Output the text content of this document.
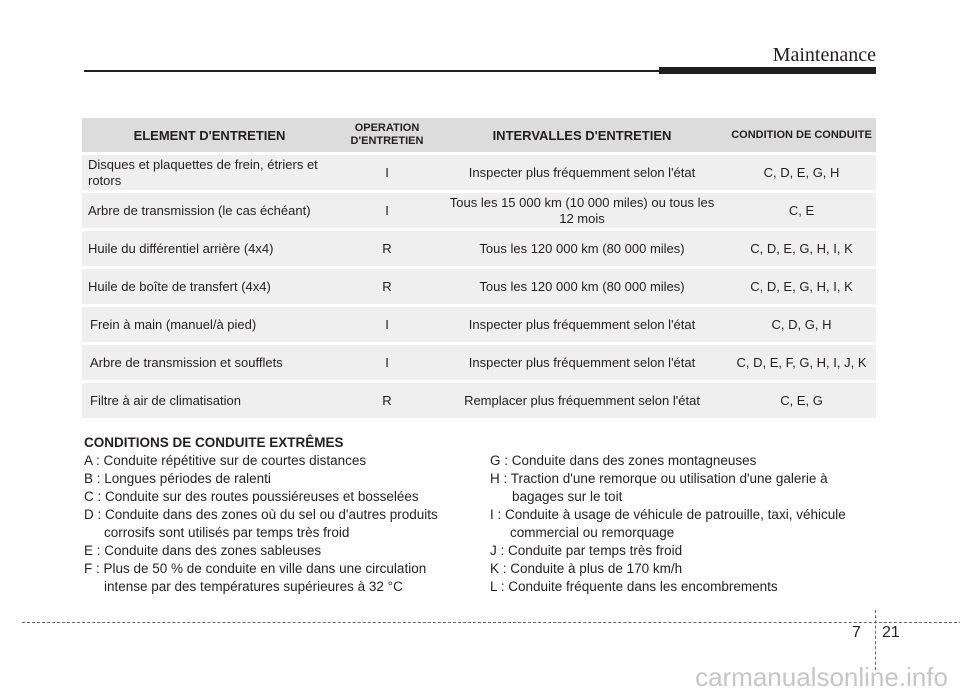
Maintenance
ELEMENT D'ENTRETIEN	OPERATION D'ENTRETIEN	INTERVALLES D'ENTRETIEN	CONDITION DE CONDUITE
Disques et plaquettes de frein, étriers et rotors	I	Inspecter plus fréquemment selon l'état	C, D, E, G, H
Arbre de transmission (le cas échéant)	I	Tous les 15 000 km (10 000 miles) ou tous les 12 mois	C, E
Huile du différentiel arrière (4x4)	R	Tous les 120 000 km (80 000 miles)	C, D, E, G, H, I, K
Huile de boîte de transfert (4x4)	R	Tous les 120 000 km (80 000 miles)	C, D, E, G, H, I, K
Frein à main (manuel/à pied)	I	Inspecter plus fréquemment selon l'état	C, D, G, H
Arbre de transmission et soufflets	I	Inspecter plus fréquemment selon l'état	C, D, E, F, G, H, I, J, K
Filtre à air de climatisation	R	Remplacer plus fréquemment selon l'état	C, E, G
CONDITIONS DE CONDUITE EXTRÊMES
A : Conduite répétitive sur de courtes distances
B : Longues périodes de ralenti
C : Conduite sur des routes poussiéreuses et bosselées
D : Conduite dans des zones où du sel ou d'autres produits corrosifs sont utilisés par temps très froid
E : Conduite dans des zones sableuses
F : Plus de 50 % de conduite en ville dans une circulation intense par des températures supérieures à 32 °C
G : Conduite dans des zones montagneuses
H : Traction d'une remorque ou utilisation d'une galerie à bagages sur le toit
I : Conduite à usage de véhicule de patrouille, taxi, véhicule commercial ou remorquage
J : Conduite par temps très froid
K : Conduite à plus de 170 km/h
L : Conduite fréquente dans les encombrements
7 21
carmanualsonline.info
